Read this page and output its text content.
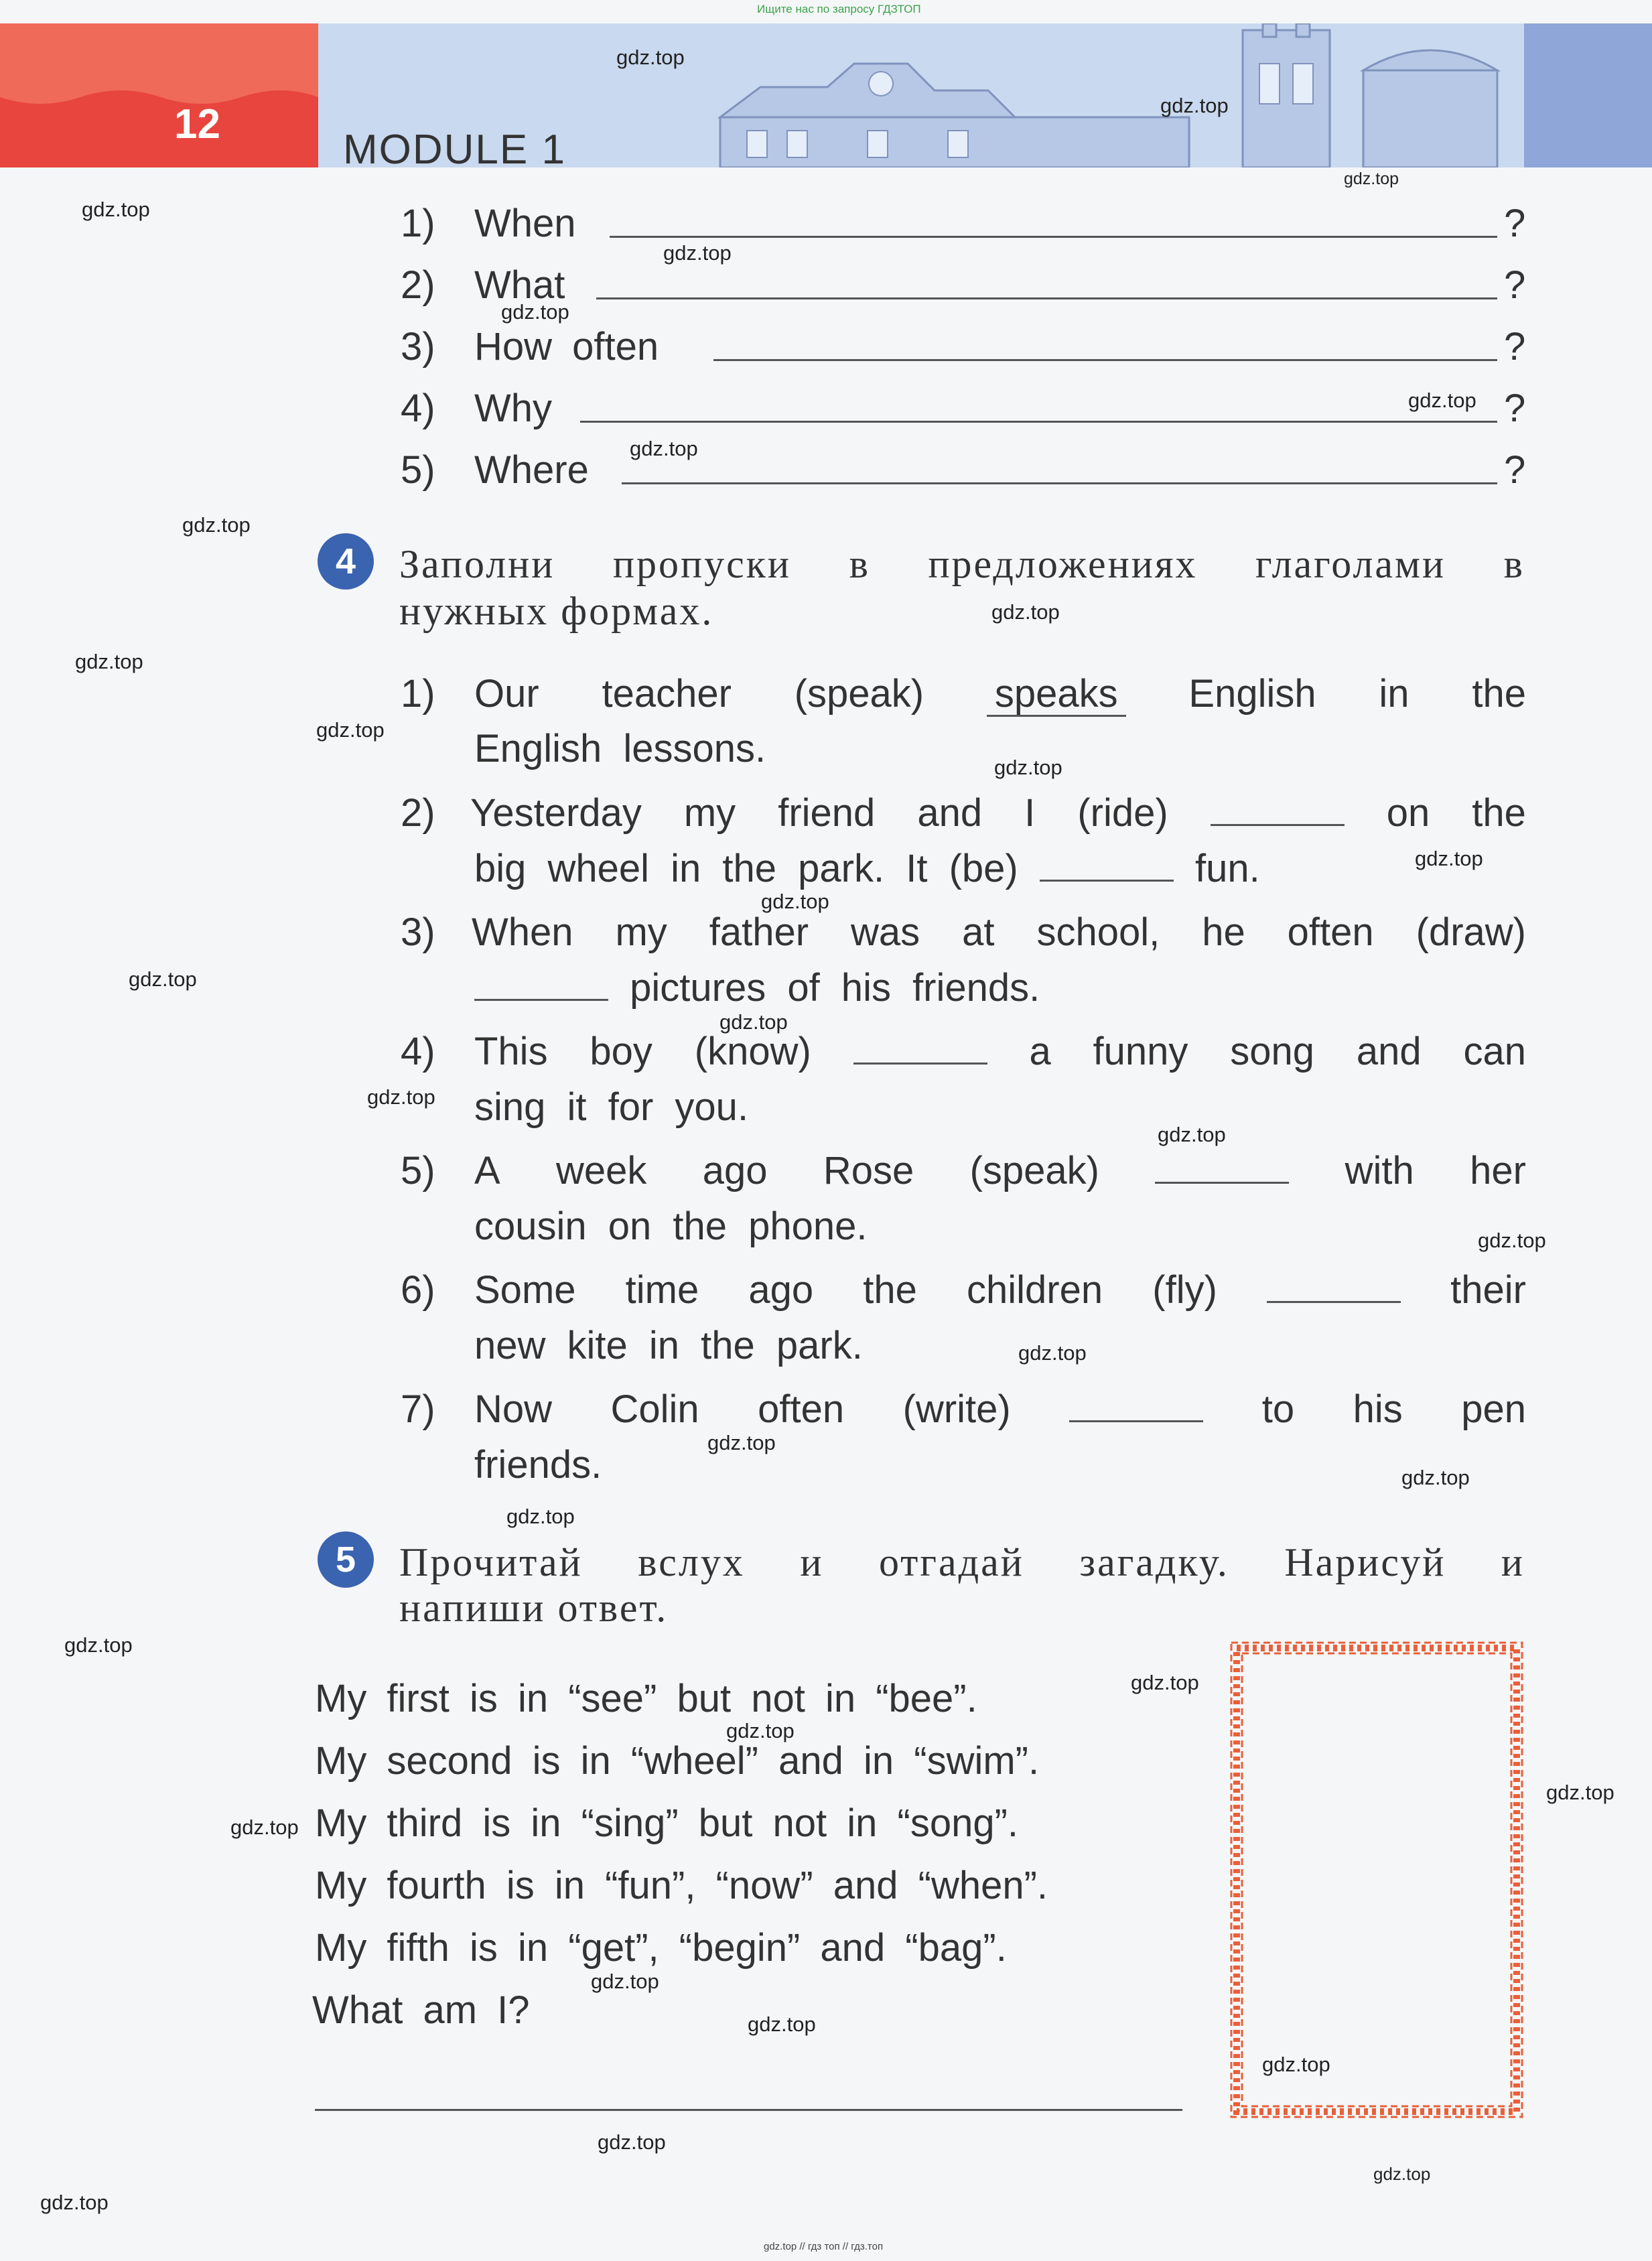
12
MODULE 1
Ищите нас по запросу ГДЗТОП
1) When	?
2) What	?
3) How often	?
4) Why	?
5) Where	?
4	Заполни пропуски в предложениях глаголами в
нужных формах.
1) Our teacher (speak) speaks English in the
English lessons.
2) Yesterday my friend and I (ride)	on the
big wheel in the park. It (be)	fun.
3) When my father was at school, he often (draw)
pictures of his friends.
4) This boy (know)	a funny song and can
sing it for you.
5) A week ago Rose (speak)	with her
cousin on the phone.
6) Some time ago the children (fly)	their
new kite in the park.
7) Now Colin often (write)	to his pen
friends.
5	Прочитай вслух и отгадай загадку. Нарисуй и
напиши ответ.
My first is in “see” but not in “bee”.
My second is in “wheel” and in “swim”.
My third is in “sing” but not in “song”.
My fourth is in “fun”, “now” and “when”.
My fifth is in “get”, “begin” and “bag”.
What am I?
gdz.top
gdz.top
gdz.top
gdz.top
gdz.top
gdz.top
gdz.top
gdz.top
gdz.top
gdz.top
gdz.top
gdz.top
gdz.top
gdz.top
gdz.top
gdz.top
gdz.top
gdz.top
gdz.top
gdz.top
gdz.top
gdz.top
gdz.top
gdz.top
gdz.top
gdz.top
gdz.top
gdz.top
gdz.top
gdz.top
gdz.top
gdz.top
gdz.top
gdz.top
gdz.top
gdz.top // гдз топ // гдз.топ
